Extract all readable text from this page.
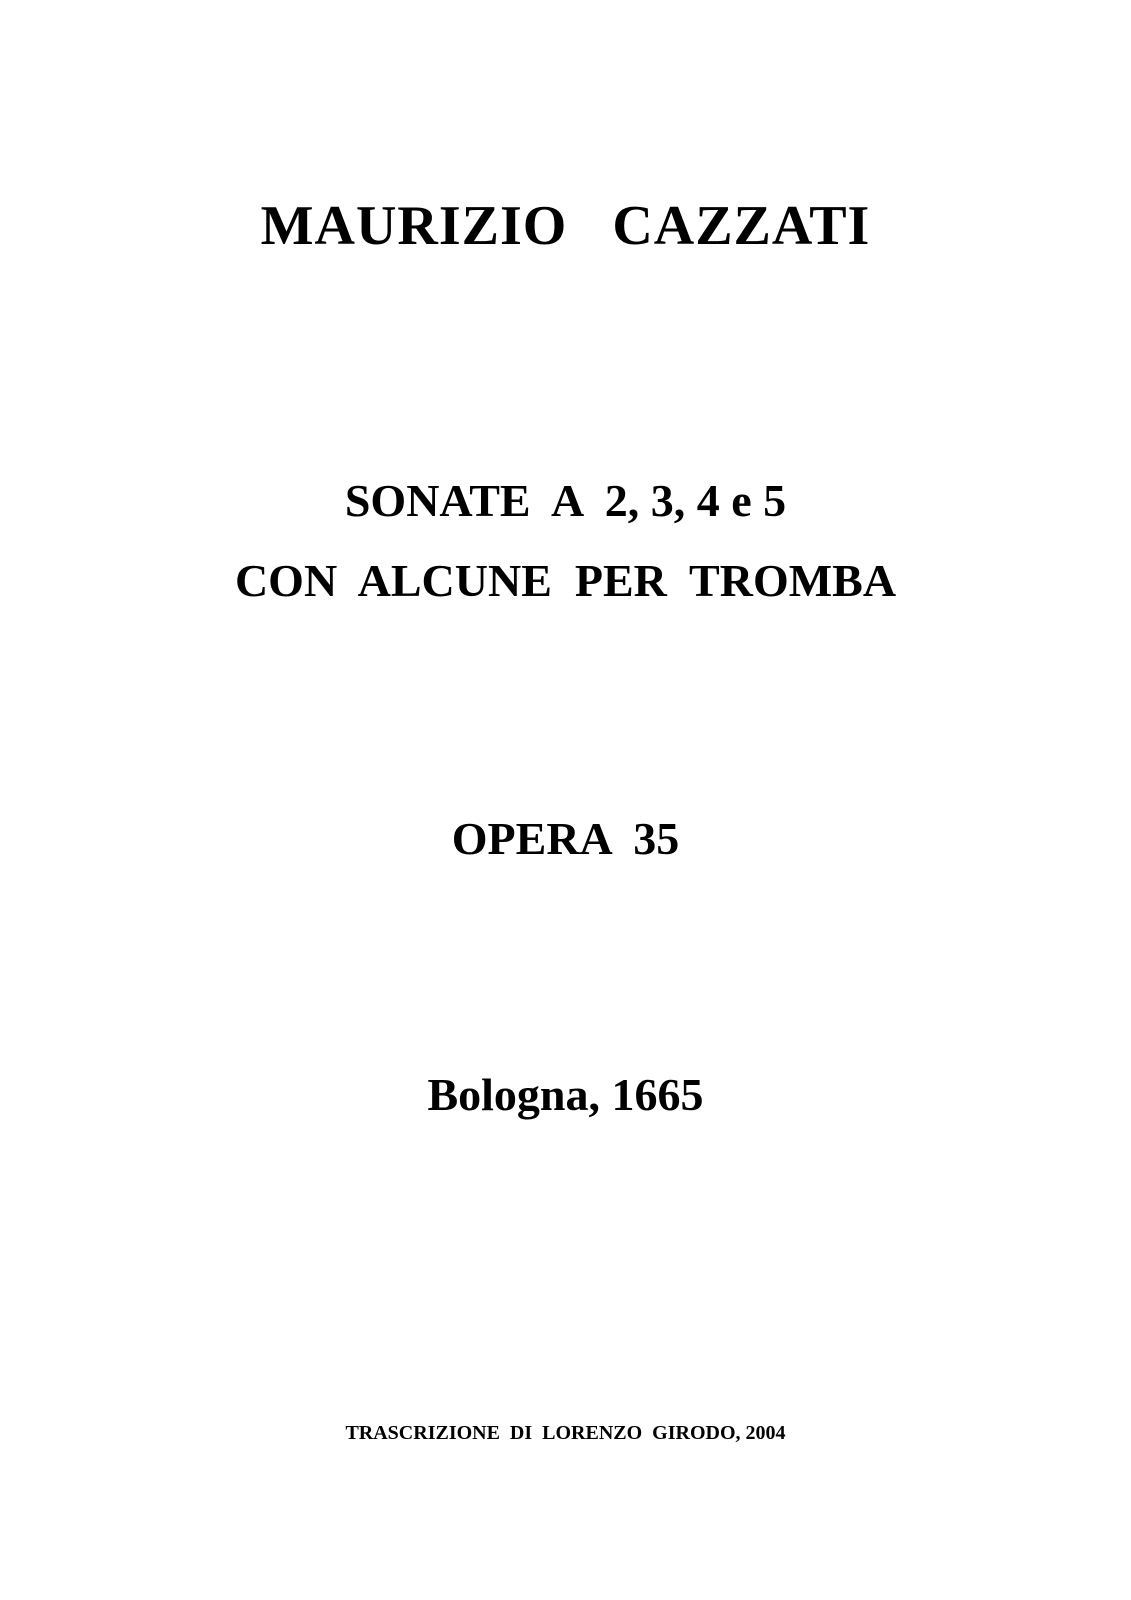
MAURIZIO   CAZZATI
SONATE  A  2, 3, 4 e 5
CON  ALCUNE  PER  TROMBA
OPERA  35
Bologna, 1665
TRASCRIZIONE  DI  LORENZO  GIRODO, 2004
